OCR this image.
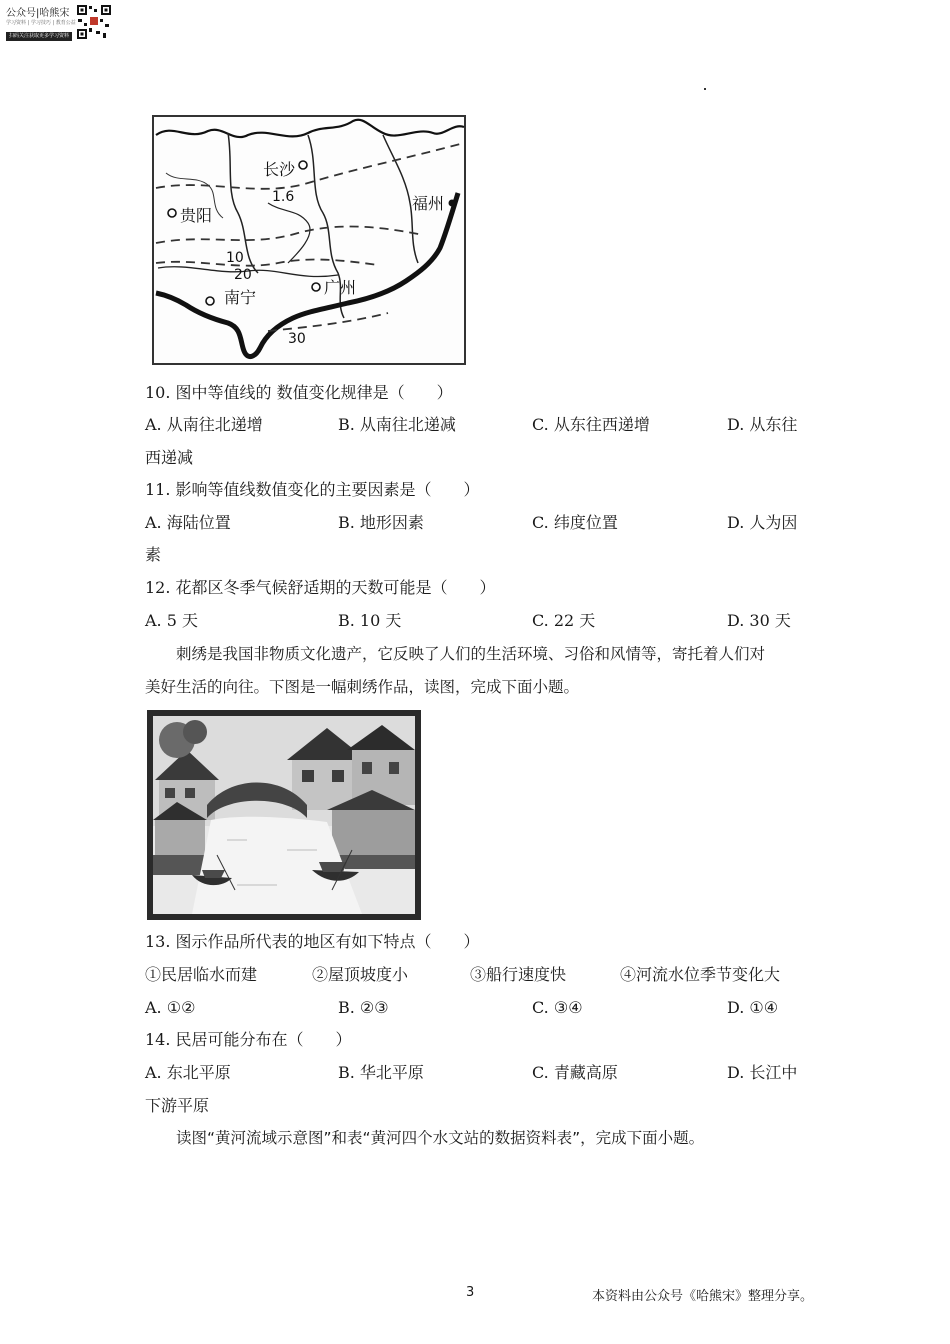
公众号|哈熊宋
学习资料 | 学习技巧 | 教育公益
扫码关注获取更多学习资料
长沙
贵阳
福州
南宁
广州
1.6
10
20
30
10. 图中等值线的 数值变化规律是（　　）
A. 从南往北递增	B. 从南往北递减	C. 从东往西递增	D. 从东往
西递减
11. 影响等值线数值变化的主要因素是（　　）
A. 海陆位置	B. 地形因素	C. 纬度位置	D. 人为因
素
12. 花都区冬季气候舒适期的天数可能是（　　）
A. 5 天	B. 10 天	C. 22 天	D. 30 天
刺绣是我国非物质文化遗产，它反映了人们的生活环境、习俗和风情等，寄托着人们对
美好生活的向往。下图是一幅刺绣作品，读图，完成下面小题。
13. 图示作品所代表的地区有如下特点（　　）
①民居临水而建	②屋顶坡度小	③船行速度快	④河流水位季节变化大
A. ①②	B. ②③	C. ③④	D. ①④
14. 民居可能分布在（　　）
A. 东北平原	B. 华北平原	C. 青藏高原	D. 长江中
下游平原
读图“黄河流域示意图”和表“黄河四个水文站的数据资料表”，完成下面小题。
3	本资料由公众号《哈熊宋》整理分享。
